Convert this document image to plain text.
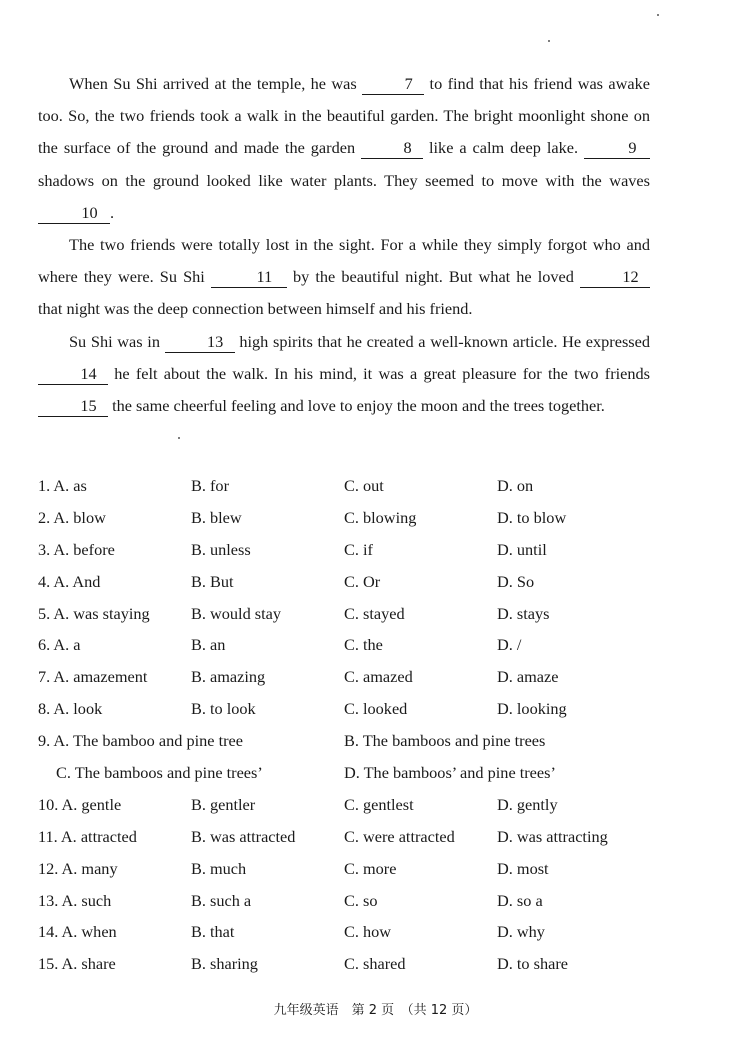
When Su Shi arrived at the temple, he was	7 to find that his friend was awake too. So, the two friends took a walk in the beautiful garden. The bright moonlight shone on the surface of the ground and made the garden	8 like a calm deep lake.	9 shadows on the ground looked like water plants. They seemed to move with the waves 10 .

The two friends were totally lost in the sight. For a while they simply forgot who and where they were. Su Shi	11 by the beautiful night. But what he loved	12 that night was the deep connection between himself and his friend.

Su Shi was in	13 high spirits that he created a well-known article. He expressed 14 he felt about the walk. In his mind, it was a great pleasure for the two friends 15 the same cheerful feeling and love to enjoy the moon and the trees together.

1. A. as	B. for	C. out	D. on
2. A. blow	B. blew	C. blowing	D. to blow
3. A. before	B. unless	C. if	D. until
4. A. And	B. But	C. Or	D. So
5. A. was staying	B. would stay	C. stayed	D. stays
6. A. a	B. an	C. the	D. /
7. A. amazement	B. amazing	C. amazed	D. amaze
8. A. look	B. to look	C. looked	D. looking
9. A. The bamboo and pine tree	B. The bamboos and pine trees
C. The bamboos and pine trees’	D. The bamboos’ and pine trees’
10. A. gentle	B. gentler	C. gentlest	D. gently
11. A. attracted	B. was attracted	C. were attracted	D. was attracting
12. A. many	B. much	C. more	D. most
13. A. such	B. such a	C. so	D. so a
14. A. when	B. that	C. how	D. why
15. A. share	B. sharing	C. shared	D. to share
九年级英语　第 2 页　（共 12 页）
